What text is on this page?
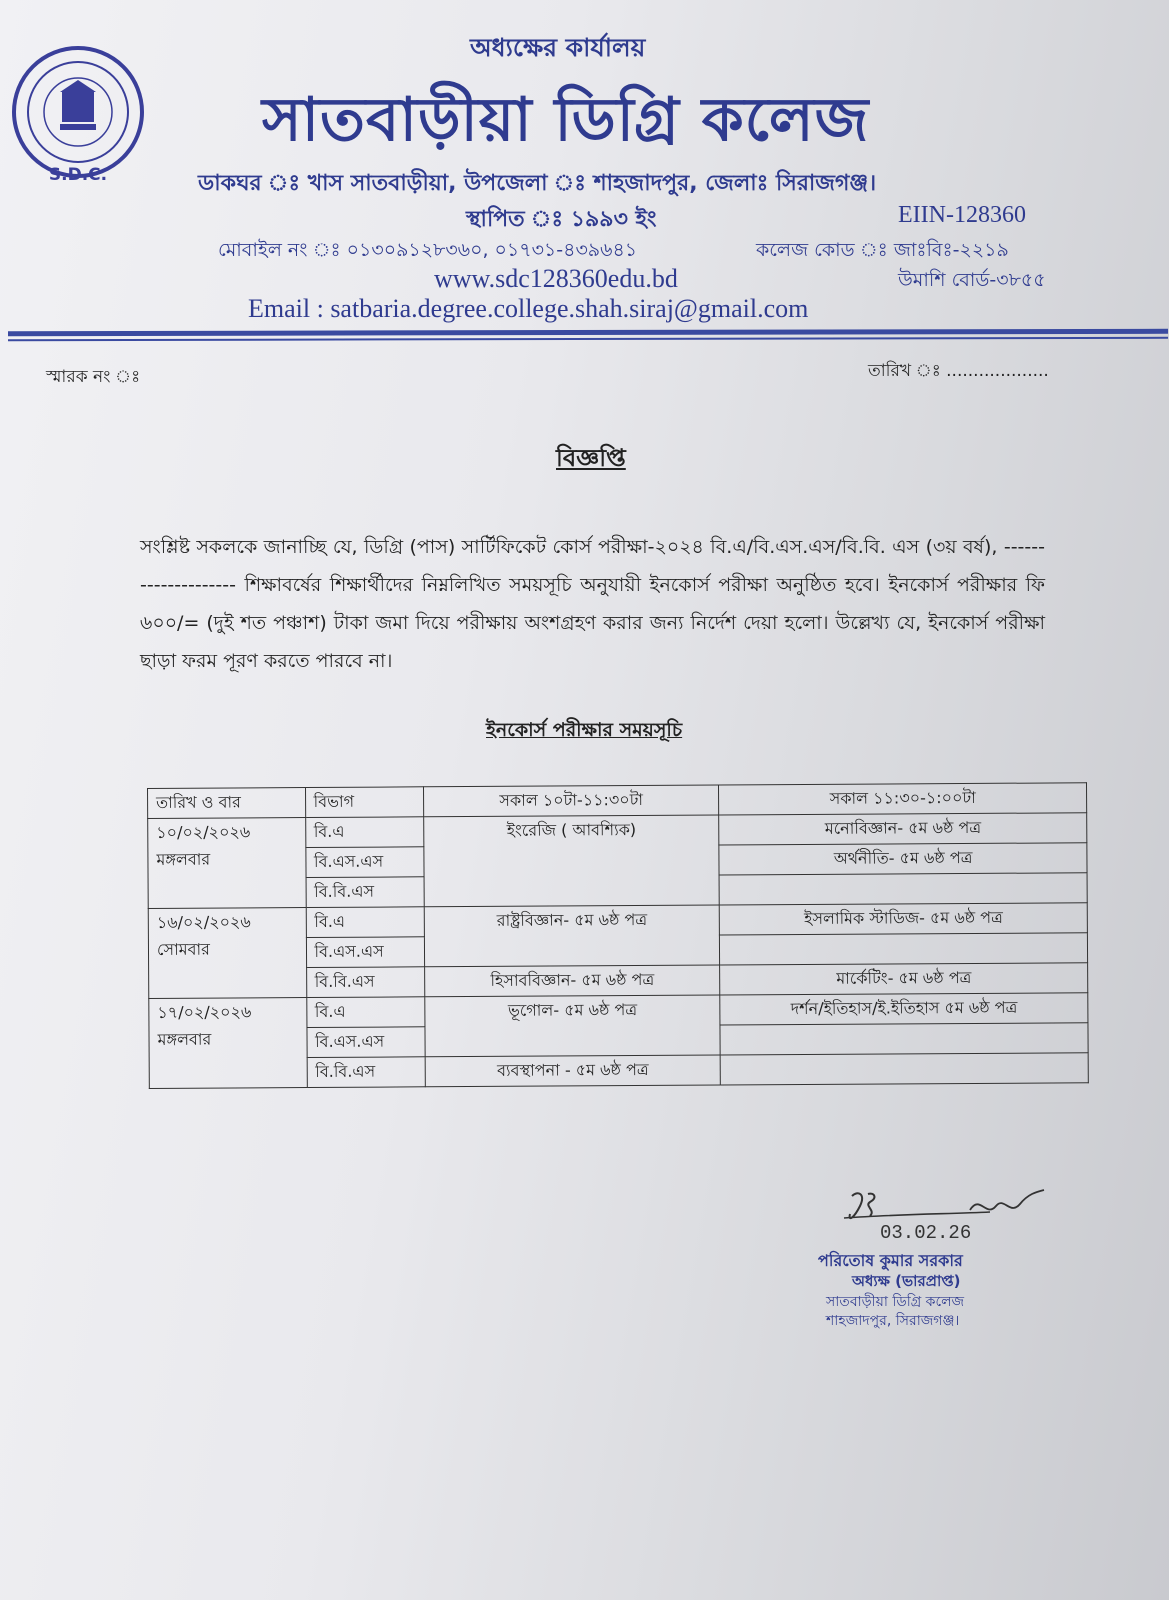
S.D.C.
অধ্যক্ষের কার্যালয়
সাতবাড়ীয়া ডিগ্রি কলেজ
ডাকঘর ঃ খাস সাতবাড়ীয়া, উপজেলা ঃ শাহজাদপুর, জেলাঃ সিরাজগঞ্জ।
স্থাপিত ঃ ১৯৯৩ ইং	EIIN-128360
মোবাইল নং ঃ ০১৩০৯১২৮৩৬০, ০১৭৩১-৪৩৯৬৪১	কলেজ কোড ঃ জাঃবিঃ-২২১৯
www.sdc128360edu.bd	উমাশি বোর্ড-৩৮৫৫
Email : satbaria.degree.college.shah.siraj@gmail.com
স্মারক নং ঃ	তারিখ ঃ ...................
বিজ্ঞপ্তি
সংশ্লিষ্ট সকলকে জানাচ্ছি যে, ডিগ্রি (পাস) সার্টিফিকেট কোর্স পরীক্ষা-২০২৪ বি.এ/বি.এস.এস/বি.বি. এস (৩য় বর্ষ), -------------------- শিক্ষাবর্ষের শিক্ষার্থীদের নিম্নলিখিত সময়সূচি অনুযায়ী ইনকোর্স পরীক্ষা অনুষ্ঠিত হবে। ইনকোর্স পরীক্ষার ফি ৬০০/= (দুই শত পঞ্চাশ) টাকা জমা দিয়ে পরীক্ষায় অংশগ্রহণ করার জন্য নির্দেশ দেয়া হলো। উল্লেখ্য যে, ইনকোর্স পরীক্ষা ছাড়া ফরম পূরণ করতে পারবে না।
ইনকোর্স পরীক্ষার সময়সূচি
তারিখ ও বার	বিভাগ	সকাল ১০টা-১১:৩০টা	সকাল ১১:৩০-১:০০টা

১০/০২/২০২৬
মঙ্গলবার	বি.এ	ইংরেজি ( আবশ্যিক)	মনোবিজ্ঞান- ৫ম ৬ষ্ঠ পত্র
	বি.এস.এস		অর্থনীতি- ৫ম ৬ষ্ঠ পত্র
	বি.বি.এস		

১৬/০২/২০২৬
সোমবার	বি.এ	রাষ্ট্রবিজ্ঞান- ৫ম ৬ষ্ঠ পত্র	ইসলামিক স্টাডিজ- ৫ম ৬ষ্ঠ পত্র
	বি.এস.এস		
	বি.বি.এস	হিসাববিজ্ঞান- ৫ম ৬ষ্ঠ পত্র	মার্কেটিং- ৫ম ৬ষ্ঠ পত্র

১৭/০২/২০২৬
মঙ্গলবার	বি.এ	ভূগোল- ৫ম ৬ষ্ঠ পত্র	দর্শন/ইতিহাস/ই.ইতিহাস ৫ম ৬ষ্ঠ পত্র
	বি.এস.এস		
	বি.বি.এস	ব্যবস্থাপনা - ৫ম ৬ষ্ঠ পত্র	
03.02.26
পরিতোষ কুমার সরকার
অধ্যক্ষ (ভারপ্রাপ্ত)
সাতবাড়ীয়া ডিগ্রি কলেজ
শাহজাদপুর, সিরাজগঞ্জ।
